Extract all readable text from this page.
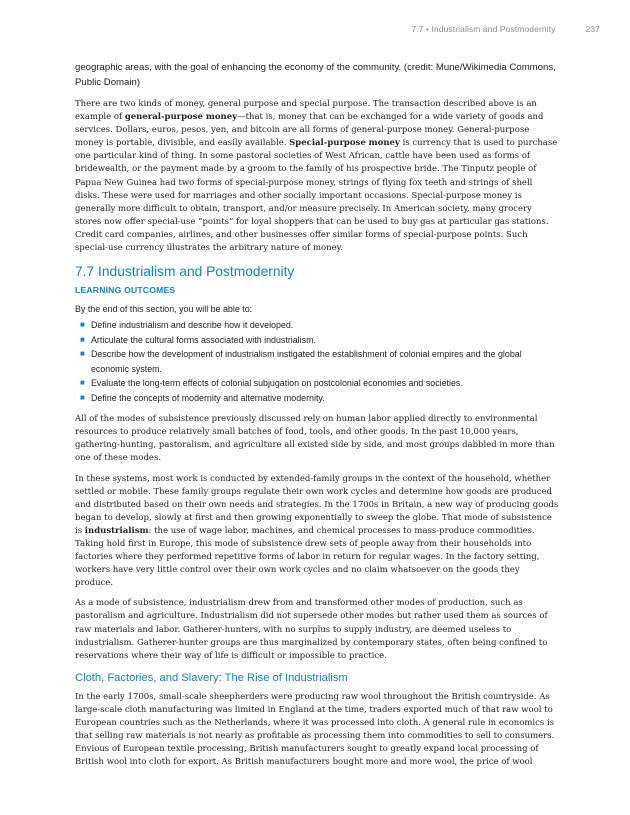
7.7 • Industrialism and Postmodernity	237

geographic areas, with the goal of enhancing the economy of the community. (credit: Mune/Wikimedia Commons, Public Domain)

There are two kinds of money, general purpose and special purpose. The transaction described above is an example of general-purpose money—that is, money that can be exchanged for a wide variety of goods and services. Dollars, euros, pesos, yen, and bitcoin are all forms of general-purpose money. General-purpose money is portable, divisible, and easily available. Special-purpose money is currency that is used to purchase one particular kind of thing. In some pastoral societies of West African, cattle have been used as forms of bridewealth, or the payment made by a groom to the family of his prospective bride. The Tinputz people of Papua New Guinea had two forms of special-purpose money, strings of flying fox teeth and strings of shell disks. These were used for marriages and other socially important occasions. Special-purpose money is generally more difficult to obtain, transport, and/or measure precisely. In American society, many grocery stores now offer special-use “points” for loyal shoppers that can be used to buy gas at particular gas stations. Credit card companies, airlines, and other businesses offer similar forms of special-purpose points. Such special-use currency illustrates the arbitrary nature of money.

7.7 Industrialism and Postmodernity
LEARNING OUTCOMES

By the end of this section, you will be able to:

■ Define industrialism and describe how it developed.
■ Articulate the cultural forms associated with industrialism.
■ Describe how the development of industrialism instigated the establishment of colonial empires and the global economic system.
■ Evaluate the long-term effects of colonial subjugation on postcolonial economies and societies.
■ Define the concepts of modernity and alternative modernity.

All of the modes of subsistence previously discussed rely on human labor applied directly to environmental resources to produce relatively small batches of food, tools, and other goods. In the past 10,000 years, gathering-hunting, pastoralism, and agriculture all existed side by side, and most groups dabbled in more than one of these modes.

In these systems, most work is conducted by extended-family groups in the context of the household, whether settled or mobile. These family groups regulate their own work cycles and determine how goods are produced and distributed based on their own needs and strategies. In the 1700s in Britain, a new way of producing goods began to develop, slowly at first and then growing exponentially to sweep the globe. That mode of subsistence is industrialism: the use of wage labor, machines, and chemical processes to mass-produce commodities. Taking hold first in Europe, this mode of subsistence drew sets of people away from their households into factories where they performed repetitive forms of labor in return for regular wages. In the factory setting, workers have very little control over their own work cycles and no claim whatsoever on the goods they produce.

As a mode of subsistence, industrialism drew from and transformed other modes of production, such as pastoralism and agriculture. Industrialism did not supersede other modes but rather used them as sources of raw materials and labor. Gatherer-hunters, with no surplus to supply industry, are deemed useless to industrialism. Gatherer-hunter groups are thus marginalized by contemporary states, often being confined to reservations where their way of life is difficult or impossible to practice.

Cloth, Factories, and Slavery: The Rise of Industrialism

In the early 1700s, small-scale sheepherders were producing raw wool throughout the British countryside. As large-scale cloth manufacturing was limited in England at the time, traders exported much of that raw wool to European countries such as the Netherlands, where it was processed into cloth. A general rule in economics is that selling raw materials is not nearly as profitable as processing them into commodities to sell to consumers. Envious of European textile processing, British manufacturers sought to greatly expand local processing of British wool into cloth for export. As British manufacturers bought more and more wool, the price of wool
